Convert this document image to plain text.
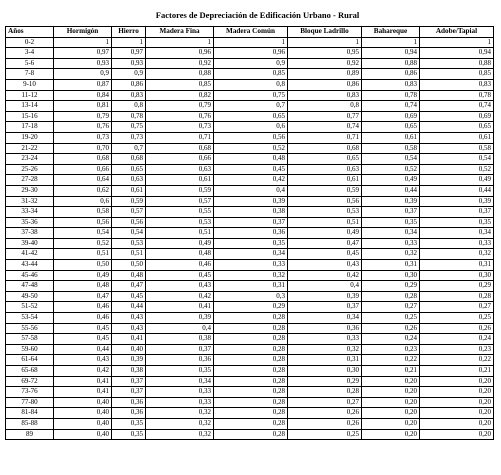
Factores de Depreciación de Edificación Urbano - Rural
Años	Hormigón	Hierro	Madera Fina	Madera Común	Bloque Ladrillo	Bahareque	Adobe/Tapial
0-2	1	1	1	1	1	1	1
3-4	0,97	0,97	0,96	0,96	0,95	0,94	0,94
5-6	0,93	0,93	0,92	0,9	0,92	0,88	0,88
7-8	0,9	0,9	0,88	0,85	0,89	0,86	0,85
9-10	0,87	0,86	0,85	0,8	0,86	0,83	0,83
11-12	0,84	0,83	0,82	0,75	0,83	0,78	0,78
13-14	0,81	0,8	0,79	0,7	0,8	0,74	0,74
15-16	0,79	0,78	0,76	0,65	0,77	0,69	0,69
17-18	0,76	0,75	0,73	0,6	0,74	0,65	0,65
19-20	0,73	0,73	0,71	0,56	0,71	0,61	0,61
21-22	0,70	0,7	0,68	0,52	0,68	0,58	0,58
23-24	0,68	0,68	0,66	0,48	0,65	0,54	0,54
25-26	0,66	0,65	0,63	0,45	0,63	0,52	0,52
27-28	0,64	0,63	0,61	0,42	0,61	0,49	0,49
29-30	0,62	0,61	0,59	0,4	0,59	0,44	0,44
31-32	0,6	0,59	0,57	0,39	0,56	0,39	0,39
33-34	0,58	0,57	0,55	0,38	0,53	0,37	0,37
35-36	0,56	0,56	0,53	0,37	0,51	0,35	0,35
37-38	0,54	0,54	0,51	0,36	0,49	0,34	0,34
39-40	0,52	0,53	0,49	0,35	0,47	0,33	0,33
41-42	0,51	0,51	0,48	0,34	0,45	0,32	0,32
43-44	0,50	0,50	0,46	0,33	0,43	0,31	0,31
45-46	0,49	0,48	0,45	0,32	0,42	0,30	0,30
47-48	0,48	0,47	0,43	0,31	0,4	0,29	0,29
49-50	0,47	0,45	0,42	0,3	0,39	0,28	0,28
51-52	0,46	0,44	0,41	0,29	0,37	0,27	0,27
53-54	0,46	0,43	0,39	0,28	0,34	0,25	0,25
55-56	0,45	0,43	0,4	0,28	0,36	0,26	0,26
57-58	0,45	0,41	0,38	0,28	0,33	0,24	0,24
59-60	0,44	0,40	0,37	0,28	0,32	0,23	0,23
61-64	0,43	0,39	0,36	0,28	0,31	0,22	0,22
65-68	0,42	0,38	0,35	0,28	0,30	0,21	0,21
69-72	0,41	0,37	0,34	0,28	0,29	0,20	0,20
73-76	0,41	0,37	0,33	0,28	0,28	0,20	0,20
77-80	0,40	0,36	0,33	0,28	0,27	0,20	0,20
81-84	0,40	0,36	0,32	0,28	0,26	0,20	0,20
85-88	0,40	0,35	0,32	0,28	0,26	0,20	0,20
89	0,40	0,35	0,32	0,28	0,25	0,20	0,20
